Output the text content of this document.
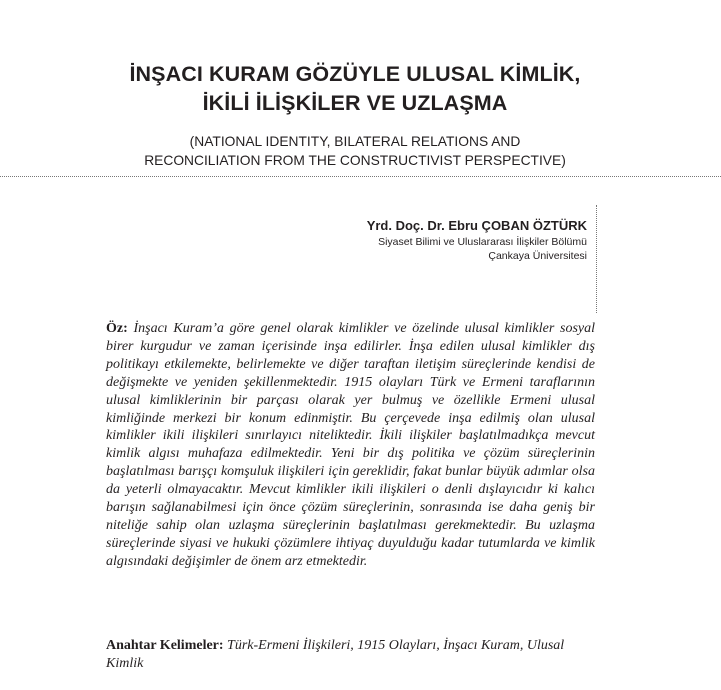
İNŞACI KURAM GÖZÜYLE ULUSAL KİMLİK,
İKİLİ İLİŞKİLER VE UZLAŞMA
(NATIONAL IDENTITY, BILATERAL RELATIONS AND
RECONCILIATION FROM THE CONSTRUCTIVIST PERSPECTIVE)
Yrd. Doç. Dr. Ebru ÇOBAN ÖZTÜRK
Siyaset Bilimi ve Uluslararası İlişkiler Bölümü
Çankaya Üniversitesi
Öz: İnşacı Kuram’a göre genel olarak kimlikler ve özelinde ulusal kimlikler sosyal birer kurgudur ve zaman içerisinde inşa edilirler. İnşa edilen ulusal kimlikler dış politikayı etkilemekte, belirlemekte ve diğer taraftan iletişim süreçlerinde kendisi de değişmekte ve yeniden şekillenmektedir. 1915 olayları Türk ve Ermeni taraflarının ulusal kimliklerinin bir parçası olarak yer bulmuş ve özellikle Ermeni ulusal kimliğinde merkezi bir konum edinmiştir. Bu çerçevede inşa edilmiş olan ulusal kimlikler ikili ilişkileri sınırlayıcı niteliktedir. İkili ilişkiler başlatılmadıkça mevcut kimlik algısı muhafaza edilmektedir. Yeni bir dış politika ve çözüm süreçlerinin başlatılması barışçı komşuluk ilişkileri için gereklidir, fakat bunlar büyük adımlar olsa da yeterli olmayacaktır. Mevcut kimlikler ikili ilişkileri o denli dışlayıcıdır ki kalıcı barışın sağlanabilmesi için önce çözüm süreçlerinin, sonrasında ise daha geniş bir niteliğe sahip olan uzlaşma süreçlerinin başlatılması gerekmektedir. Bu uzlaşma süreçlerinde siyasi ve hukuki çözümlere ihtiyaç duyulduğu kadar tutumlarda ve kimlik algısındaki değişimler de önem arz etmektedir.
Anahtar Kelimeler: Türk-Ermeni İlişkileri, 1915 Olayları, İnşacı Kuram, Ulusal Kimlik
